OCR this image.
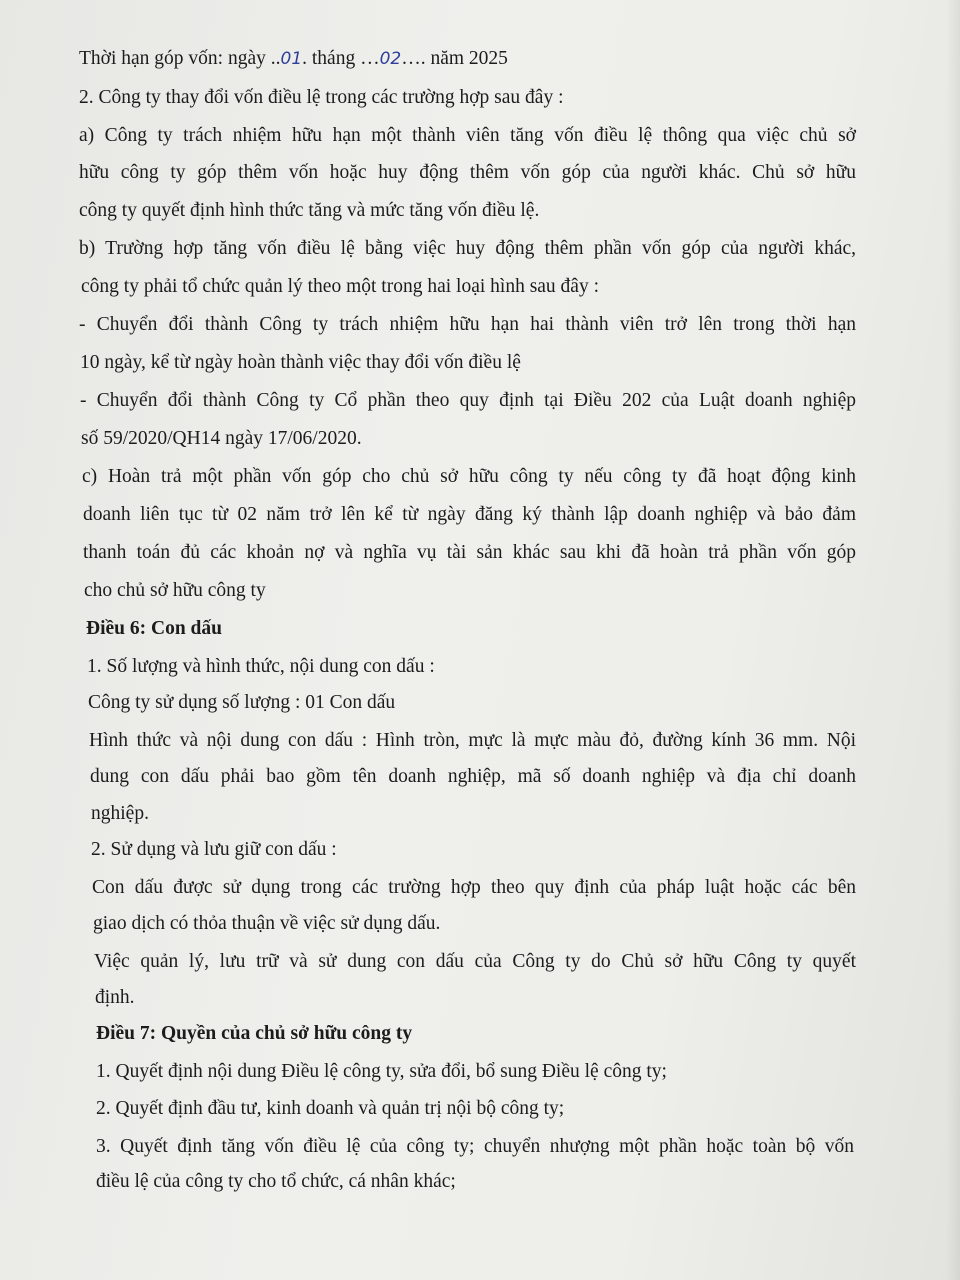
Thời hạn góp vốn: ngày ..01. tháng …02…. năm 2025
2. Công ty thay đổi vốn điều lệ trong các trường hợp sau đây :
a) Công ty trách nhiệm hữu hạn một thành viên tăng vốn điều lệ thông qua việc chủ sở
hữu công ty góp thêm vốn hoặc huy động thêm vốn góp của người khác. Chủ sở hữu
công ty quyết định hình thức tăng và mức tăng vốn điều lệ.
b) Trường hợp tăng vốn điều lệ bằng việc huy động thêm phần vốn góp của người khác,
công ty phải tổ chức quản lý theo một trong hai loại hình sau đây :
- Chuyển đổi thành Công ty trách nhiệm hữu hạn hai thành viên trở lên trong thời hạn
10 ngày, kể từ ngày hoàn thành việc thay đổi vốn điều lệ
- Chuyển đổi thành Công ty Cổ phần theo quy định tại Điều 202 của Luật doanh nghiệp
số 59/2020/QH14 ngày 17/06/2020.
c) Hoàn trả một phần vốn góp cho chủ sở hữu công ty nếu công ty đã hoạt động kinh
doanh liên tục từ 02 năm trở lên kể từ ngày đăng ký thành lập doanh nghiệp và bảo đảm
thanh toán đủ các khoản nợ và nghĩa vụ tài sản khác sau khi đã hoàn trả phần vốn góp
cho chủ sở hữu công ty
Điều 6: Con dấu
1. Số lượng và hình thức, nội dung con dấu :
Công ty sử dụng số lượng : 01 Con dấu
Hình thức và nội dung con dấu : Hình tròn, mực là mực màu đỏ, đường kính 36 mm. Nội
dung con dấu phải bao gồm tên doanh nghiệp, mã số doanh nghiệp và địa chỉ doanh
nghiệp.
2. Sử dụng và lưu giữ con dấu :
Con dấu được sử dụng trong các trường hợp theo quy định của pháp luật hoặc các bên
giao dịch có thỏa thuận về việc sử dụng dấu.
Việc quản lý, lưu trữ và sử dung con dấu của Công ty do Chủ sở hữu Công ty quyết
định.
Điều 7: Quyền của chủ sở hữu công ty
1. Quyết định nội dung Điều lệ công ty, sửa đổi, bổ sung Điều lệ công ty;
2. Quyết định đầu tư, kinh doanh và quản trị nội bộ công ty;
3. Quyết định tăng vốn điều lệ của công ty; chuyển nhượng một phần hoặc toàn bộ vốn
điều lệ của công ty cho tổ chức, cá nhân khác;
